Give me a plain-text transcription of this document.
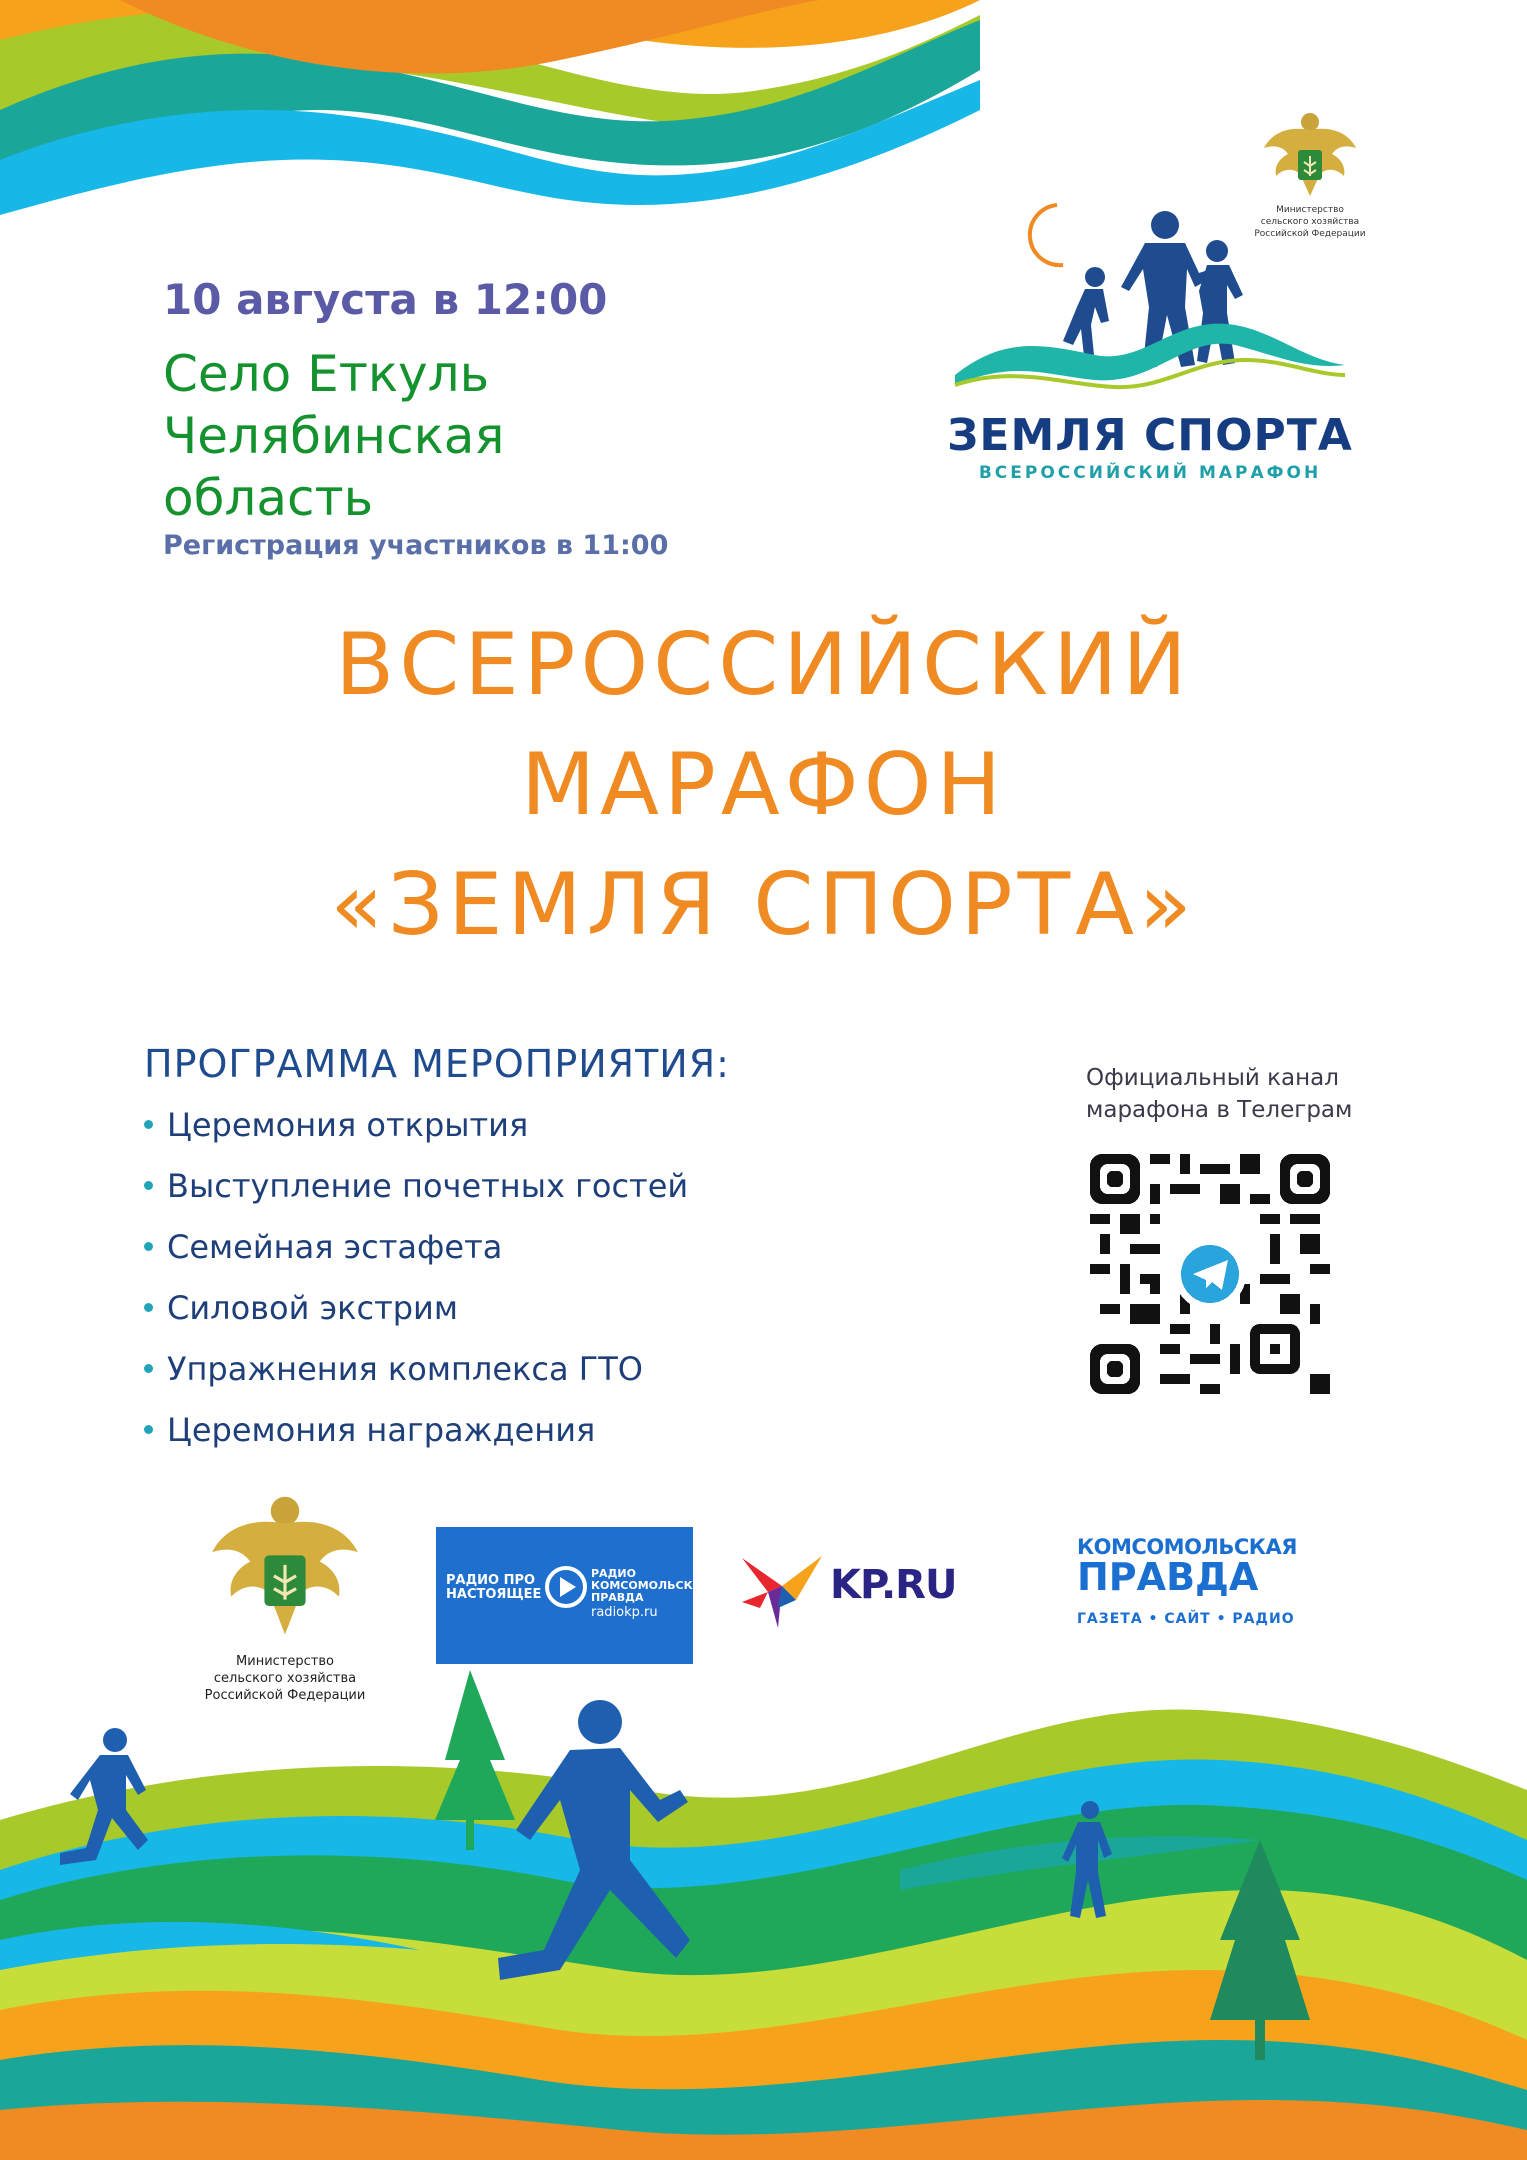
Министерство
сельского хозяйства
Российской Федерации
ЗЕМЛЯ СПОРТА
ВСЕРОССИЙСКИЙ МАРАФОН
10 августа в 12:00
Село Еткуль
Челябинская
область
Регистрация участников в 11:00
ВСЕРОССИЙСКИЙ
МАРАФОН
«ЗЕМЛЯ СПОРТА»
ПРОГРАММА МЕРОПРИЯТИЯ:
Церемония открытия
Выступление почетных гостей
Семейная эстафета
Силовой экстрим
Упражнения комплекса ГТО
Церемония награждения
Официальный канал
марафона в Телеграм
Министерство
сельского хозяйства
Российской Федерации
РАДИО ПРО
НАСТОЯЩЕЕ
РАДИО
КОМСОМОЛЬСКАЯ
ПРАВДА
radiokp.ru
KP.RU
КОМСОМОЛЬСКАЯ
ПРАВДА
ГАЗЕТА • САЙТ • РАДИО
